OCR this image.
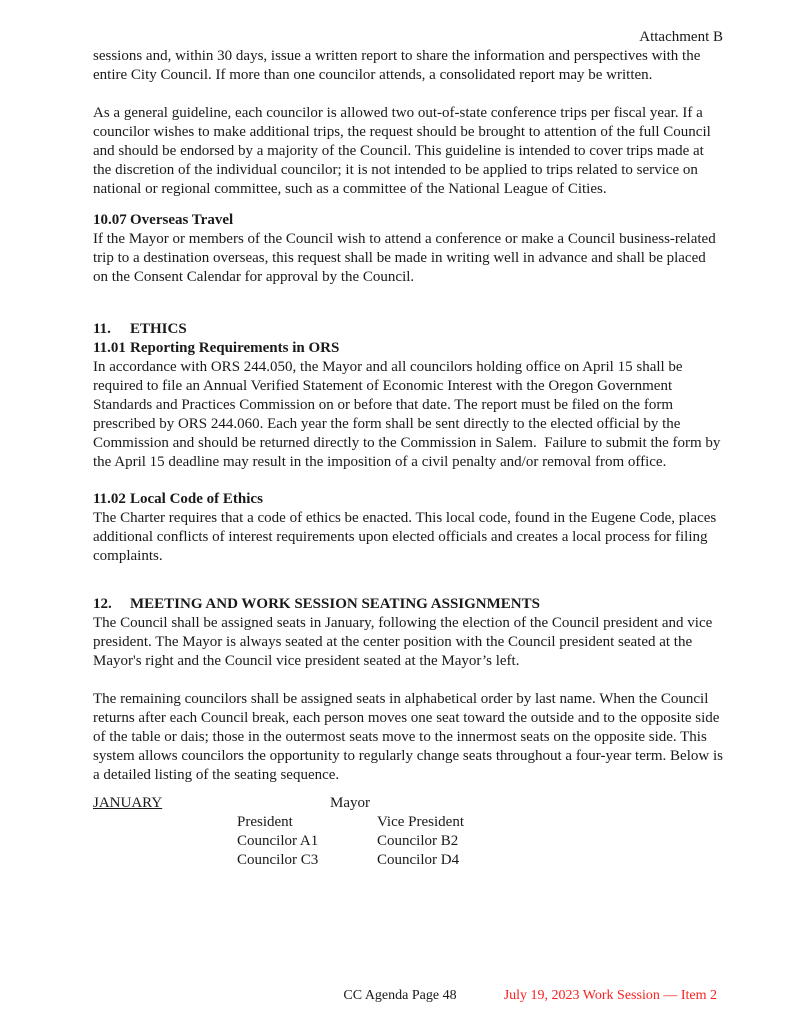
Attachment B

sessions and, within 30 days, issue a written report to share the information and perspectives with the entire City Council. If more than one councilor attends, a consolidated report may be written.

As a general guideline, each councilor is allowed two out-of-state conference trips per fiscal year. If a councilor wishes to make additional trips, the request should be brought to attention of the full Council and should be endorsed by a majority of the Council. This guideline is intended to cover trips made at the discretion of the individual councilor; it is not intended to be applied to trips related to service on national or regional committee, such as a committee of the National League of Cities.

10.07 Overseas Travel

If the Mayor or members of the Council wish to attend a conference or make a Council business-related trip to a destination overseas, this request shall be made in writing well in advance and shall be placed on the Consent Calendar for approval by the Council.

11. ETHICS
11.01 Reporting Requirements in ORS

In accordance with ORS 244.050, the Mayor and all councilors holding office on April 15 shall be required to file an Annual Verified Statement of Economic Interest with the Oregon Government Standards and Practices Commission on or before that date. The report must be filed on the form prescribed by ORS 244.060. Each year the form shall be sent directly to the elected official by the Commission and should be returned directly to the Commission in Salem.  Failure to submit the form by the April 15 deadline may result in the imposition of a civil penalty and/or removal from office.

11.02 Local Code of Ethics

The Charter requires that a code of ethics be enacted. This local code, found in the Eugene Code, places additional conflicts of interest requirements upon elected officials and creates a local process for filing complaints.

12. MEETING AND WORK SESSION SEATING ASSIGNMENTS

The Council shall be assigned seats in January, following the election of the Council president and vice president. The Mayor is always seated at the center position with the Council president seated at the Mayor's right and the Council vice president seated at the Mayor’s left.

The remaining councilors shall be assigned seats in alphabetical order by last name. When the Council returns after each Council break, each person moves one seat toward the outside and to the opposite side of the table or dais; those in the outermost seats move to the innermost seats on the opposite side. This system allows councilors the opportunity to regularly change seats throughout a four-year term. Below is a detailed listing of the seating sequence.

JANUARY	Mayor
President	Vice President
Councilor A1	Councilor B2
Councilor C3	Councilor D4
CC Agenda Page 48	July 19, 2023 Work Session — Item 2
